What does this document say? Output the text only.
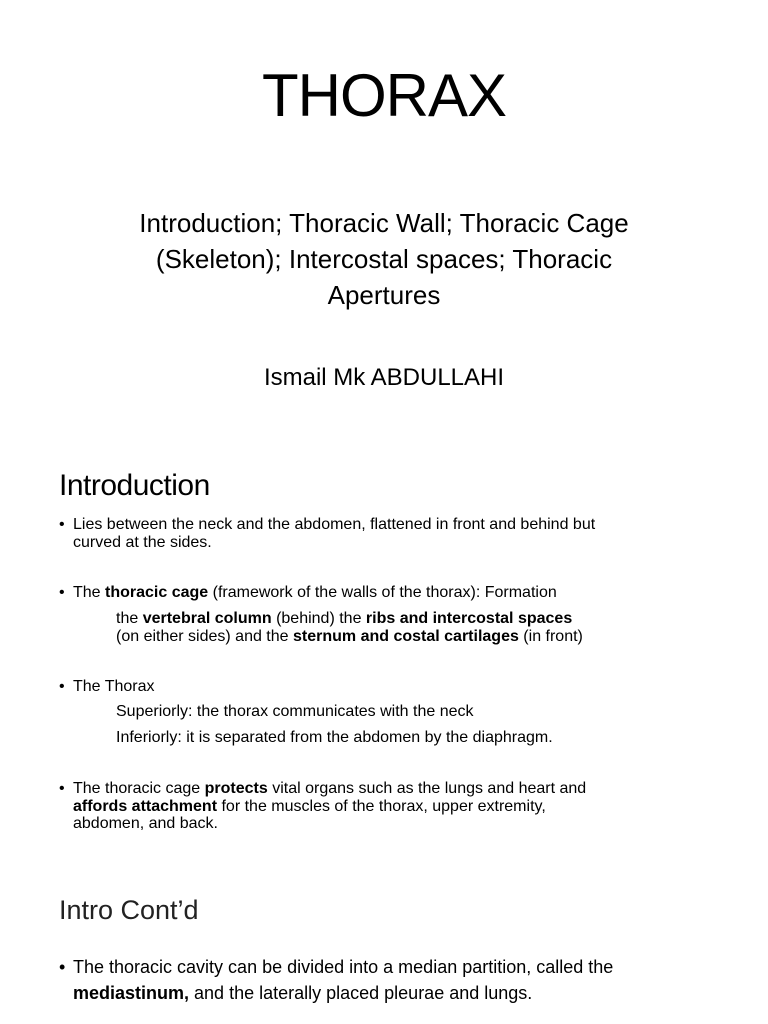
THORAX
Introduction; Thoracic Wall; Thoracic Cage
(Skeleton); Intercostal spaces; Thoracic
Apertures
Ismail Mk ABDULLAHI
Introduction
• Lies between the neck and the abdomen, flattened in front and behind but
curved at the sides.
• The thoracic cage (framework of the walls of the thorax): Formation
the vertebral column (behind) the ribs and intercostal spaces
(on either sides) and the sternum and costal cartilages (in front)
• The Thorax
Superiorly: the thorax communicates with the neck
Inferiorly: it is separated from the abdomen by the diaphragm.
• The thoracic cage protects vital organs such as the lungs and heart and
affords attachment for the muscles of the thorax, upper extremity,
abdomen, and back.
Intro Cont’d
• The thoracic cavity can be divided into a median partition, called the
mediastinum, and the laterally placed pleurae and lungs.
